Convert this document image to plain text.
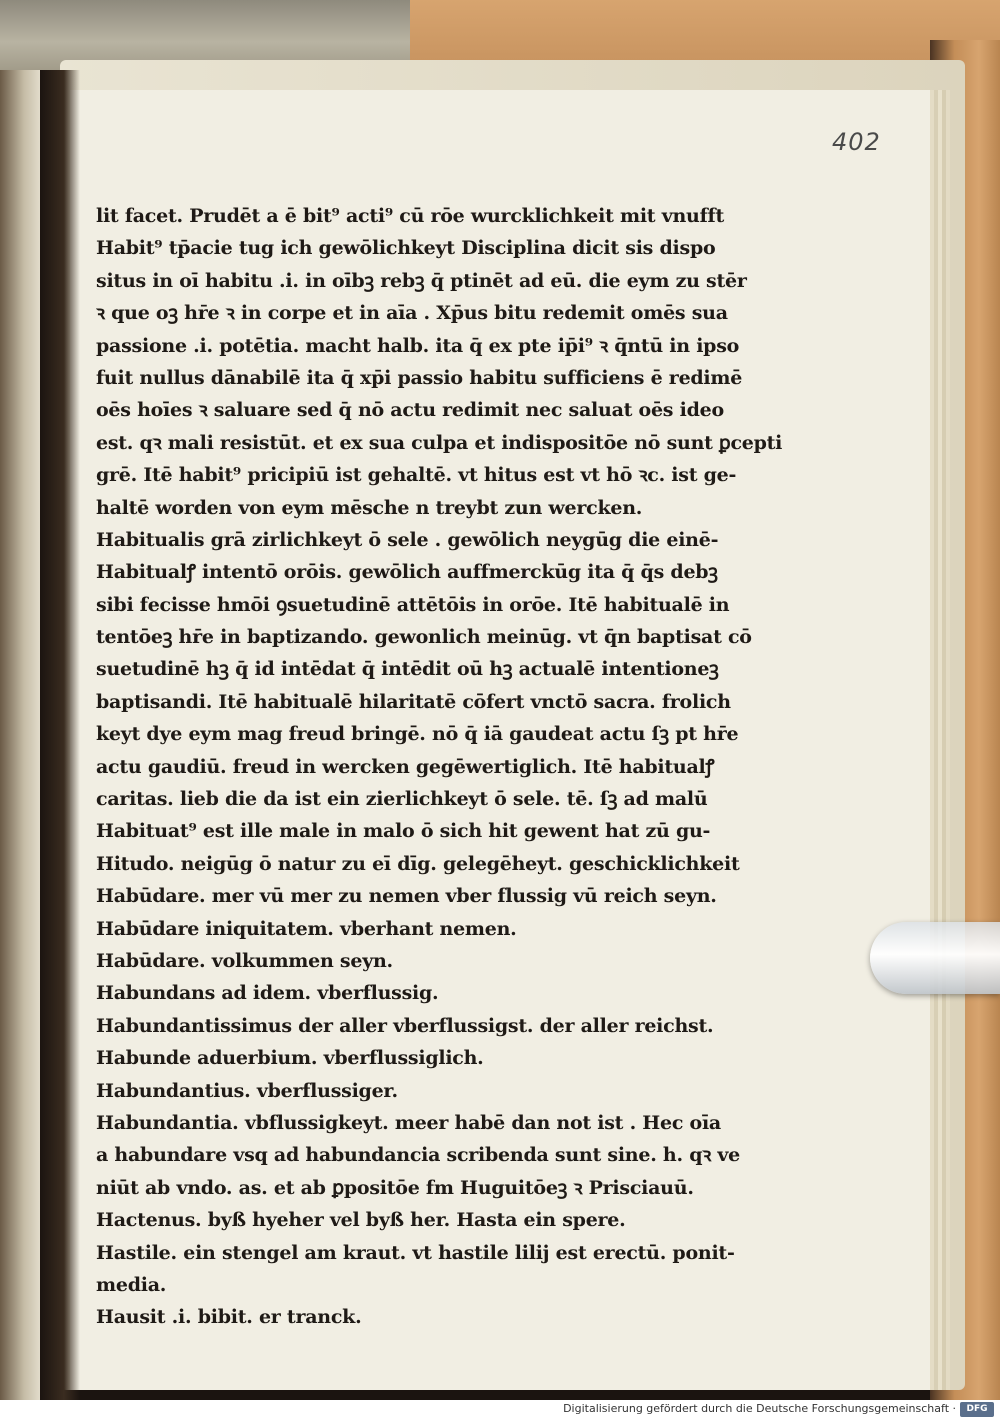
402
lit facet. Prudēt a ē bit⁹ acti⁹ cū rōe wurcklichkeit mit vnufft
Habit⁹ tp̄acie tug ich gewōlichkeyt Disciplina dicit sis dispo
situs in oī habitu .i. in oībꝫ rebꝫ q̄ ptinēt ad eū. die eym zu stēr
ꝛ que oꝫ hr̄e ꝛ in corpe et in aīa . Xp̄us bitu redemit omēs sua
passione .i. potētia. macht halb. ita q̄ ex pte ip̄i⁹ ꝛ q̄ntū in ipso
fuit nullus dānabilē ita q̄ xp̄i passio habitu sufficiens ē redimē
oēs hoīes ꝛ saluare sed q̄ nō actu redimit nec saluat oēs ideo
est. qꝛ mali resistūt. et ex sua culpa et indispositōe nō sunt ꝑcepti
grē. Itē habit⁹ pricipiū ist gehaltē. vt hitus est vt hō ꝛc. ist ge-
haltē worden von eym mēsche n treybt zun wercken.
Habitualis grā zirlichkeyt ō sele . gewōlich neygūg die einē-
Habitualꝭ intentō orōis. gewōlich auffmerckūg ita q̄ q̄s debꝫ
sibi fecisse hmōi ꝯsuetudinē attētōis in orōe. Itē habitualē in
tentōeꝫ hr̄e in baptizando. gewonlich meinūg. vt q̄n baptisat cō
suetudinē hꝫ q̄ id intēdat q̄ intēdit oū hꝫ actualē intentioneꝫ
baptisandi. Itē habitualē hilaritatē cōfert vnctō sacra. frolich
keyt dye eym mag freud bringē. nō q̄ iā gaudeat actu ſꝫ pt hr̄e
actu gaudiū. freud in wercken gegēwertiglich. Itē habitualꝭ
caritas. lieb die da ist ein zierlichkeyt ō sele. tē. ſꝫ ad malū
Habituat⁹ est ille male in malo ō sich hit gewent hat zū gu-
Hitudo. neigūg ō natur zu eī dīg. gelegēheyt. geschicklichkeit
Habūdare. mer vū mer zu nemen vber flussig vū reich seyn.
Habūdare iniquitatem. vberhant nemen.
Habūdare. volkummen seyn.
Habundans ad idem. vberflussig.
Habundantissimus der aller vberflussigst. der aller reichst.
Habunde aduerbium. vberflussiglich.
Habundantius. vberflussiger.
Habundantia. vbflussigkeyt. meer habē dan not ist . Hec oīa
a habundare vsq ad habundancia scribenda sunt sine. h. qꝛ ve
niūt ab vndo. as. et ab ꝑpositōe fm Huguitōeꝫ ꝛ Prisciauū.
Hactenus. byß hyeher vel byß her. Hasta ein spere.
Hastile. ein stengel am kraut. vt hastile lilij est erectū. ponit-
media.
Hausit .i. bibit. er tranck.
Digitalisierung gefördert durch die Deutsche Forschungsgemeinschaft ·	DFG
